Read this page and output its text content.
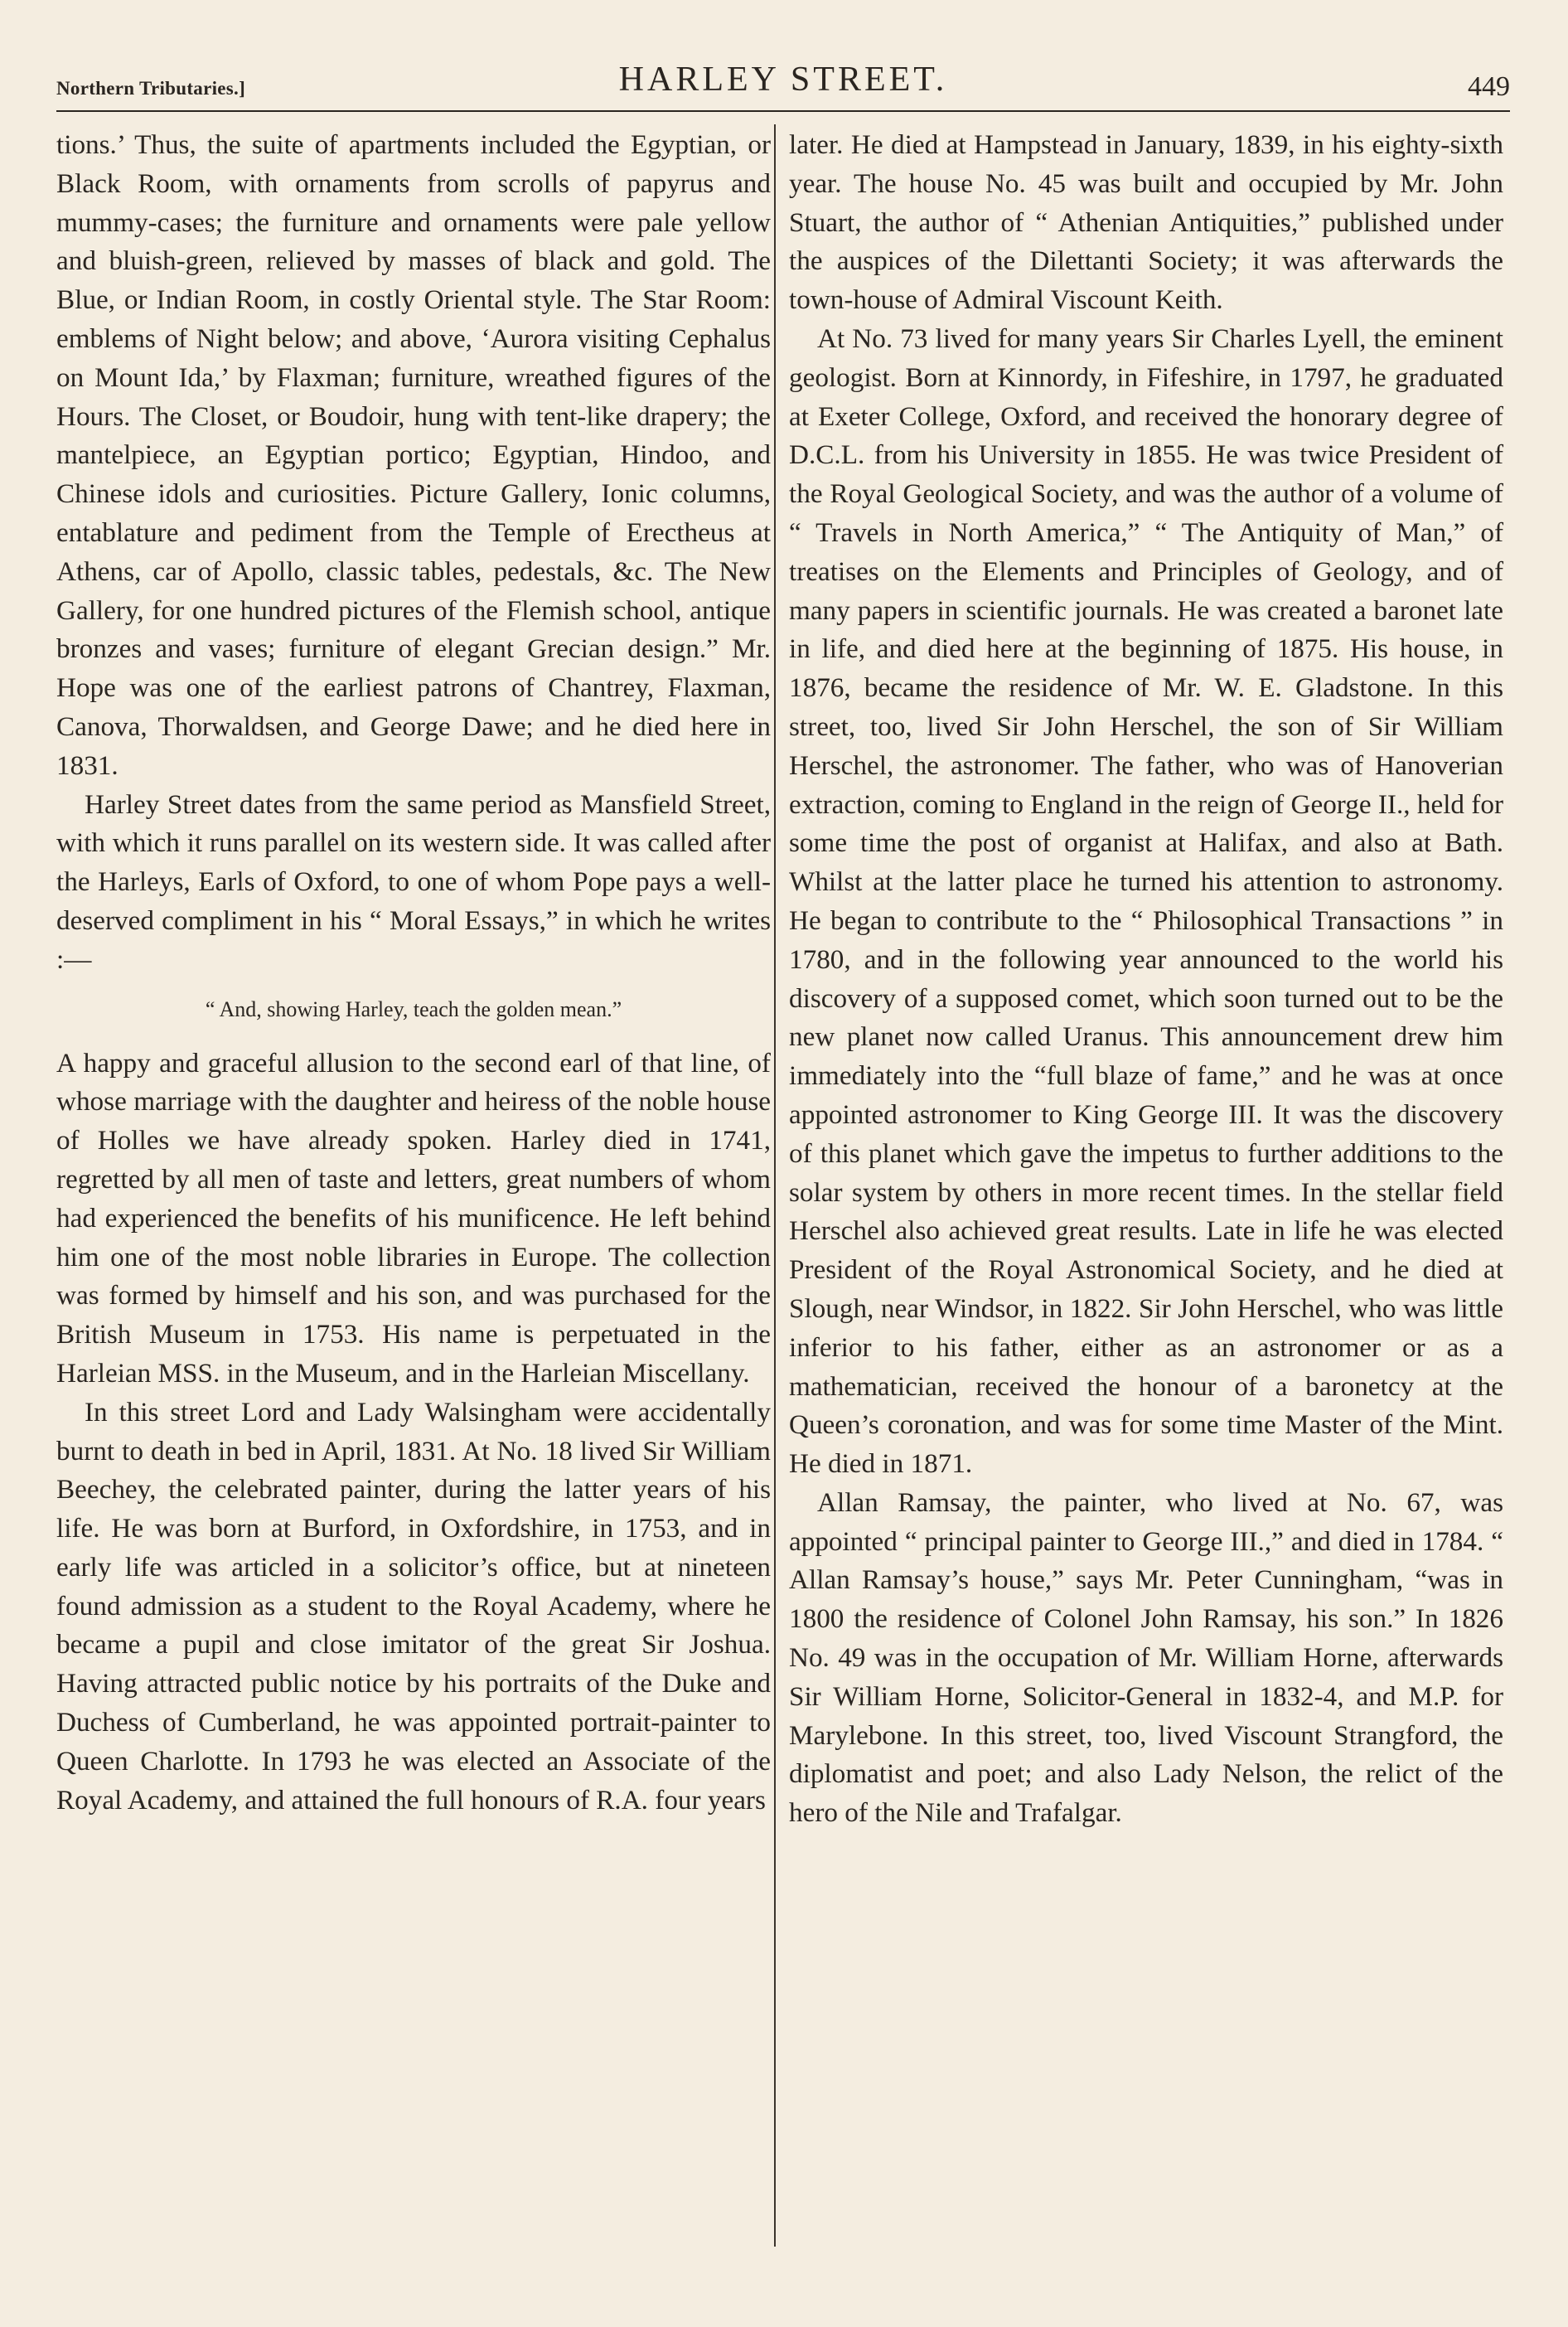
Northern Tributaries.]	HARLEY STREET.	449

tions.’ Thus, the suite of apartments included the Egyptian, or Black Room, with ornaments from scrolls of papyrus and mummy-cases; the furniture and ornaments were pale yellow and bluish-green, relieved by masses of black and gold. The Blue, or Indian Room, in costly Oriental style. The Star Room: emblems of Night below; and above, ‘Aurora visiting Cephalus on Mount Ida,’ by Flaxman; furniture, wreathed figures of the Hours. The Closet, or Boudoir, hung with tent-like drapery; the mantelpiece, an Egyptian portico; Egyptian, Hindoo, and Chinese idols and curiosities. Picture Gallery, Ionic columns, entablature and pediment from the Temple of Erectheus at Athens, car of Apollo, classic tables, pedestals, &c. The New Gallery, for one hundred pictures of the Flemish school, antique bronzes and vases; furniture of elegant Grecian design.” Mr. Hope was one of the earliest patrons of Chantrey, Flaxman, Canova, Thorwaldsen, and George Dawe; and he died here in 1831.

Harley Street dates from the same period as Mansfield Street, with which it runs parallel on its western side. It was called after the Harleys, Earls of Oxford, to one of whom Pope pays a well-deserved compliment in his “ Moral Essays,” in which he writes :—

“ And, showing Harley, teach the golden mean.”

A happy and graceful allusion to the second earl of that line, of whose marriage with the daughter and heiress of the noble house of Holles we have already spoken. Harley died in 1741, regretted by all men of taste and letters, great numbers of whom had experienced the benefits of his munificence. He left behind him one of the most noble libraries in Europe. The collection was formed by himself and his son, and was purchased for the British Museum in 1753. His name is perpetuated in the Harleian MSS. in the Museum, and in the Harleian Miscellany.

In this street Lord and Lady Walsingham were accidentally burnt to death in bed in April, 1831. At No. 18 lived Sir William Beechey, the celebrated painter, during the latter years of his life. He was born at Burford, in Oxfordshire, in 1753, and in early life was articled in a solicitor’s office, but at nineteen found admission as a student to the Royal Academy, where he became a pupil and close imitator of the great Sir Joshua. Having attracted public notice by his portraits of the Duke and Duchess of Cumberland, he was appointed portrait-painter to Queen Charlotte. In 1793 he was elected an Associate of the Royal Academy, and attained the full honours of R.A. four years

later. He died at Hampstead in January, 1839, in his eighty-sixth year. The house No. 45 was built and occupied by Mr. John Stuart, the author of “ Athenian Antiquities,” published under the auspices of the Dilettanti Society; it was afterwards the town-house of Admiral Viscount Keith.

At No. 73 lived for many years Sir Charles Lyell, the eminent geologist. Born at Kinnordy, in Fifeshire, in 1797, he graduated at Exeter College, Oxford, and received the honorary degree of D.C.L. from his University in 1855. He was twice President of the Royal Geological Society, and was the author of a volume of “ Travels in North America,” “ The Antiquity of Man,” of treatises on the Elements and Principles of Geology, and of many papers in scientific journals. He was created a baronet late in life, and died here at the beginning of 1875. His house, in 1876, became the residence of Mr. W. E. Gladstone. In this street, too, lived Sir John Herschel, the son of Sir William Herschel, the astronomer. The father, who was of Hanoverian extraction, coming to England in the reign of George II., held for some time the post of organist at Halifax, and also at Bath. Whilst at the latter place he turned his attention to astronomy. He began to contribute to the “ Philosophical Transactions ” in 1780, and in the following year announced to the world his discovery of a supposed comet, which soon turned out to be the new planet now called Uranus. This announcement drew him immediately into the “full blaze of fame,” and he was at once appointed astronomer to King George III. It was the discovery of this planet which gave the impetus to further additions to the solar system by others in more recent times. In the stellar field Herschel also achieved great results. Late in life he was elected President of the Royal Astronomical Society, and he died at Slough, near Windsor, in 1822. Sir John Herschel, who was little inferior to his father, either as an astronomer or as a mathematician, received the honour of a baronetcy at the Queen’s coronation, and was for some time Master of the Mint. He died in 1871.

Allan Ramsay, the painter, who lived at No. 67, was appointed “ principal painter to George III.,” and died in 1784. “ Allan Ramsay’s house,” says Mr. Peter Cunningham, “was in 1800 the residence of Colonel John Ramsay, his son.” In 1826 No. 49 was in the occupation of Mr. William Horne, afterwards Sir William Horne, Solicitor-General in 1832-4, and M.P. for Marylebone. In this street, too, lived Viscount Strangford, the diplomatist and poet; and also Lady Nelson, the relict of the hero of the Nile and Trafalgar.
